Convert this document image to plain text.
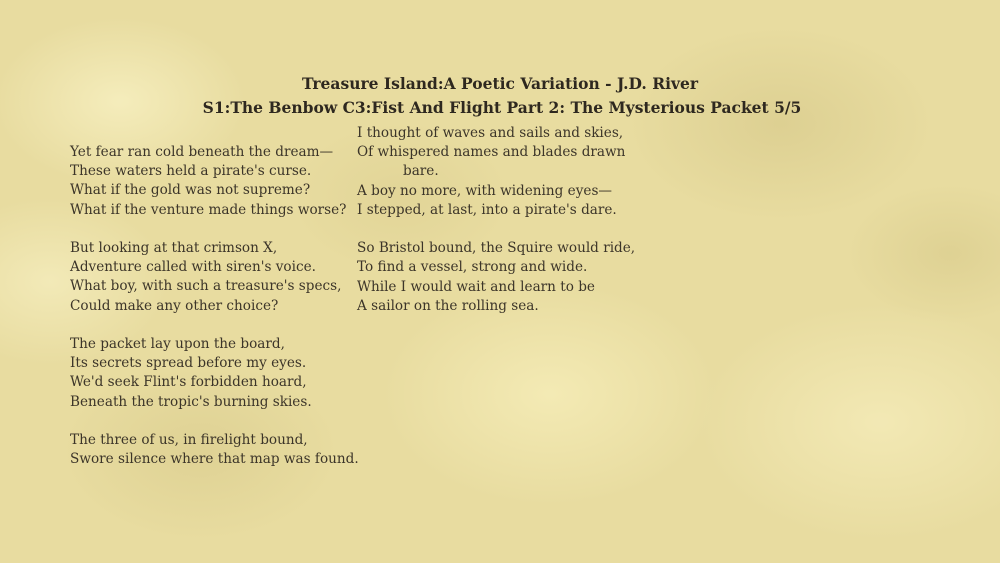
Treasure Island:A Poetic Variation - J.D. River
S1:The Benbow C3:Fist And Flight Part 2: The Mysterious Packet 5/5
Yet fear ran cold beneath the dream—
These waters held a pirate's curse.
What if the gold was not supreme?
What if the venture made things worse?
But looking at that crimson X,
Adventure called with siren's voice.
What boy, with such a treasure's specs,
Could make any other choice?
The packet lay upon the board,
Its secrets spread before my eyes.
We'd seek Flint's forbidden hoard,
Beneath the tropic's burning skies.
The three of us, in firelight bound,
Swore silence where that map was found.
I thought of waves and sails and skies,
Of whispered names and blades drawn
bare.
A boy no more, with widening eyes—
I stepped, at last, into a pirate's dare.
So Bristol bound, the Squire would ride,
To find a vessel, strong and wide.
While I would wait and learn to be
A sailor on the rolling sea.
